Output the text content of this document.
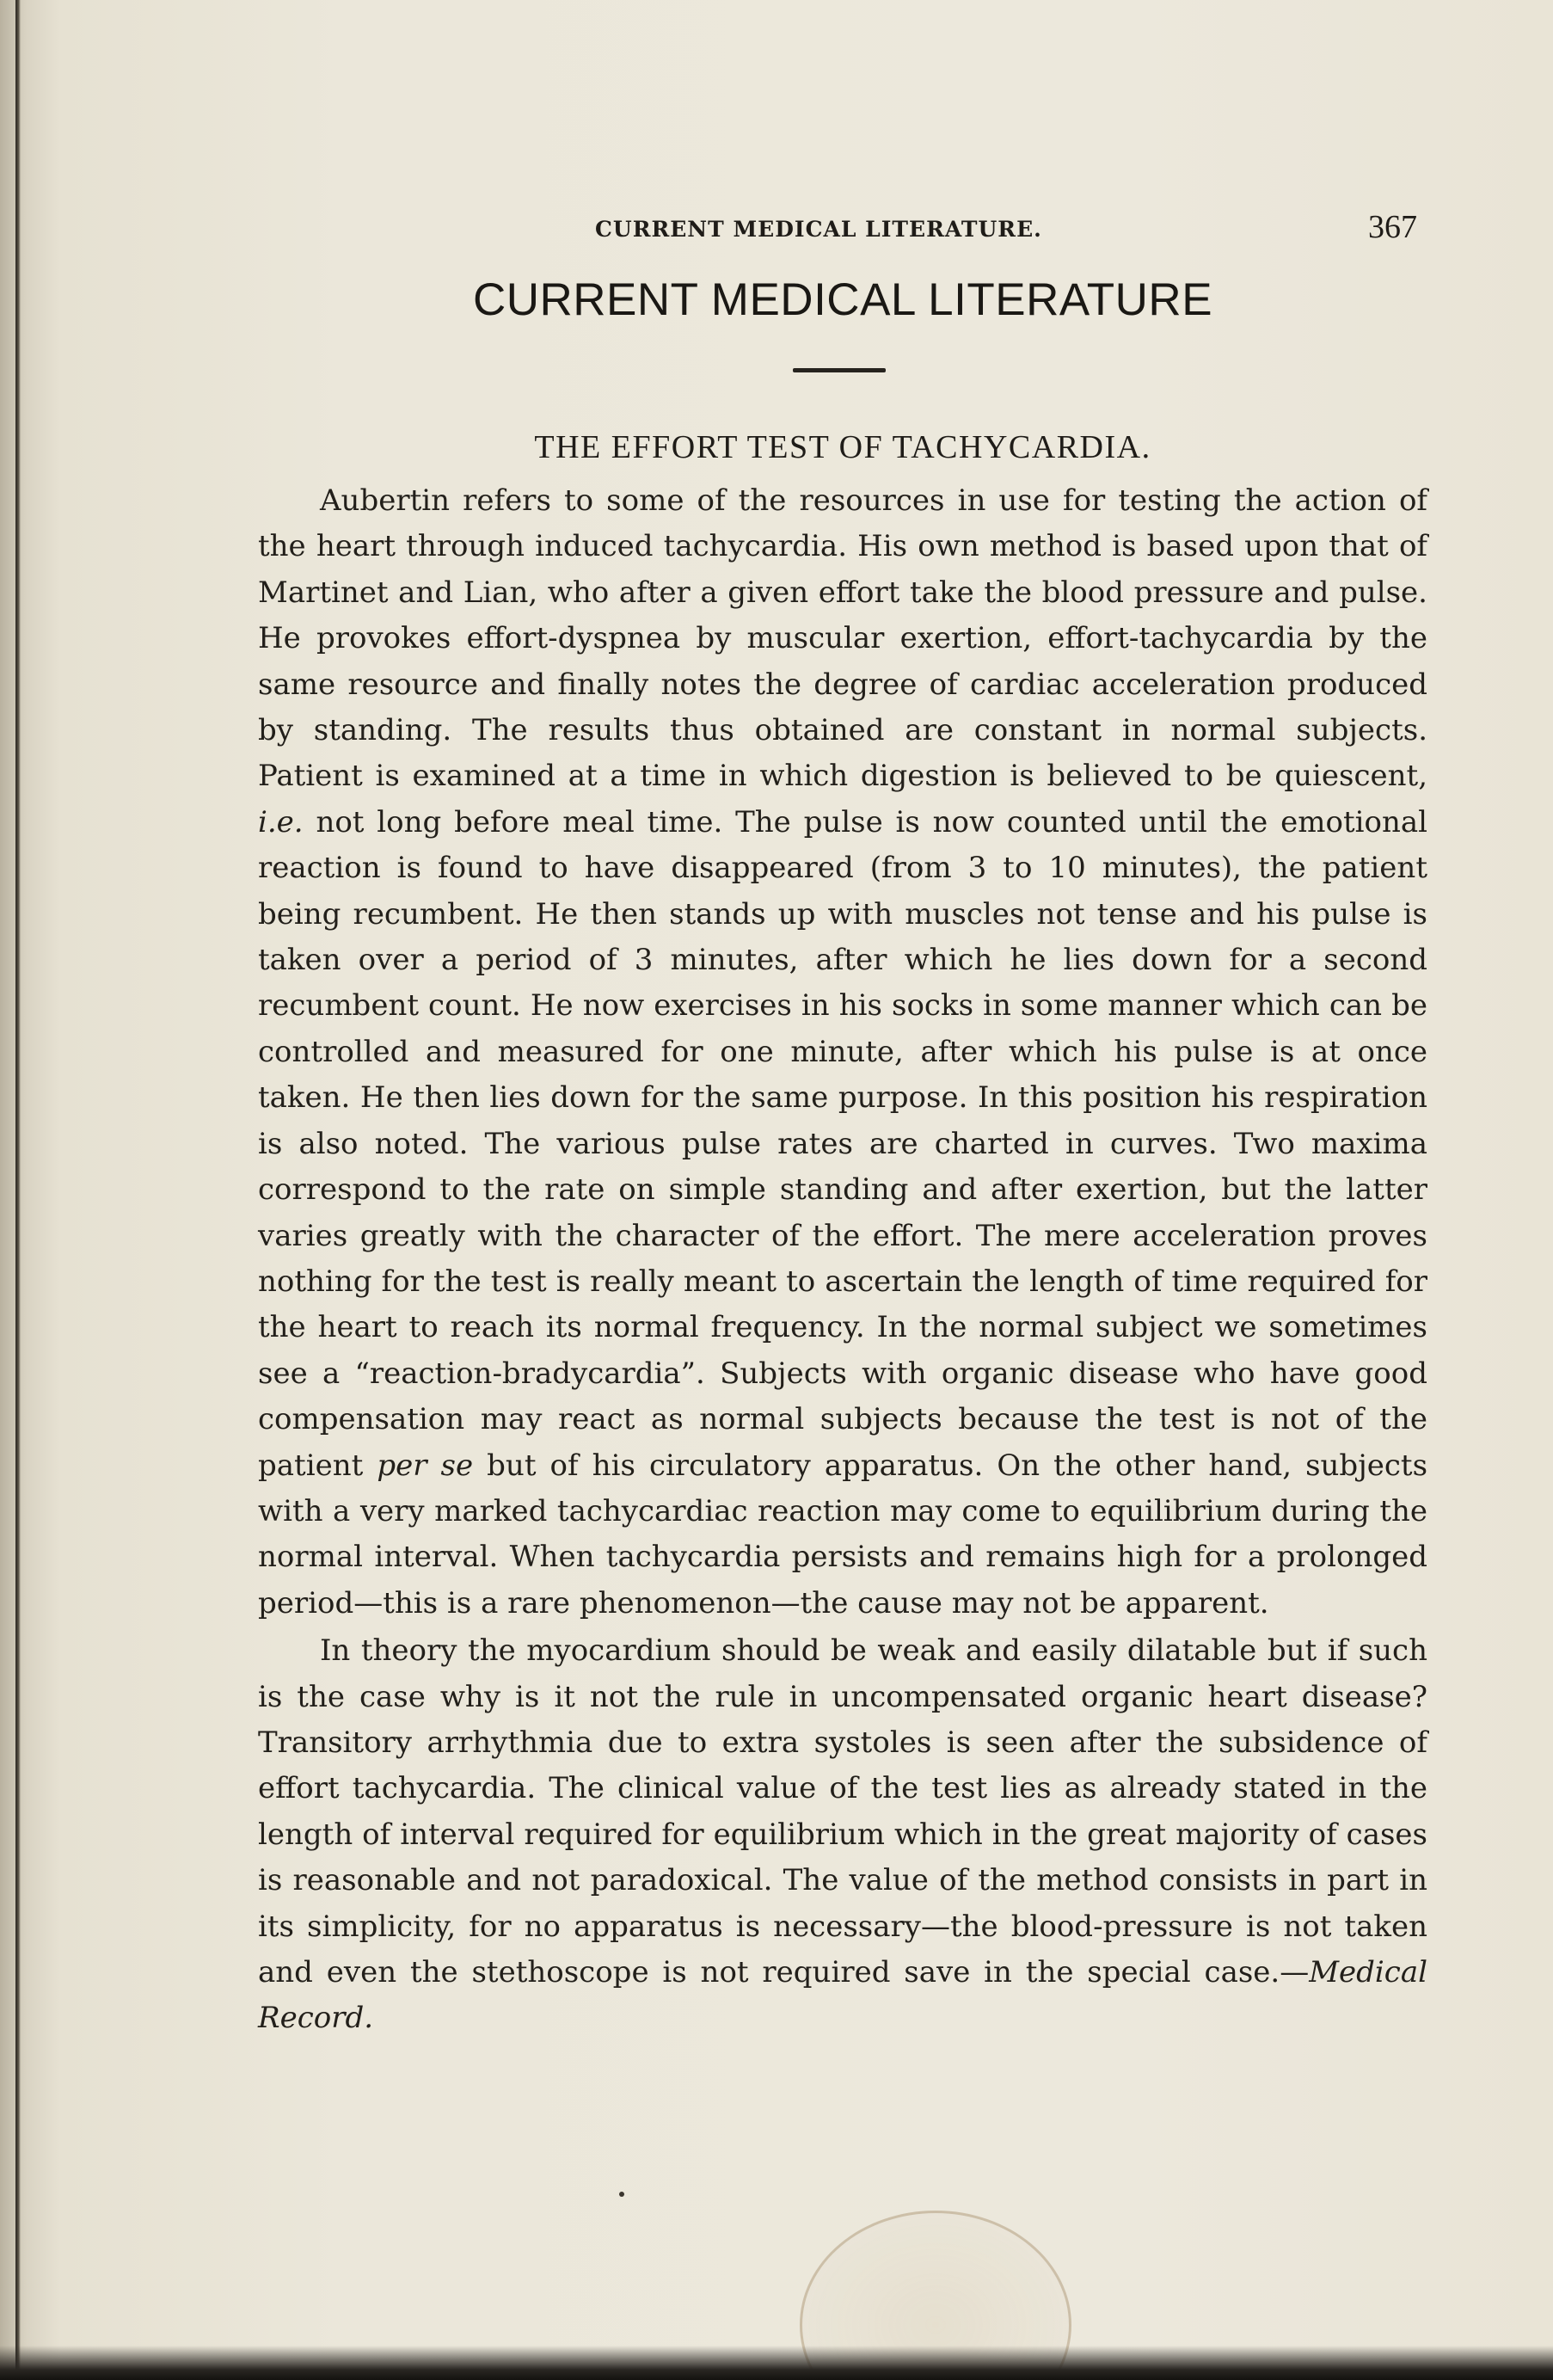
CURRENT MEDICAL LITERATURE.	367
CURRENT MEDICAL LITERATURE
THE EFFORT TEST OF TACHYCARDIA.

Aubertin refers to some of the resources in use for testing the action of the heart through induced tachycardia. His own method is based upon that of Martinet and Lian, who after a given effort take the blood pressure and pulse. He provokes effort-dyspnea by muscular exertion, effort-tachycardia by the same resource and finally notes the degree of cardiac acceleration produced by standing. The results thus obtained are constant in normal subjects. Patient is examined at a time in which digestion is believed to be quiescent, i.e. not long before meal time. The pulse is now counted until the emotional reaction is found to have disappeared (from 3 to 10 minutes), the patient being recumbent. He then stands up with muscles not tense and his pulse is taken over a period of 3 minutes, after which he lies down for a second recumbent count. He now exercises in his socks in some manner which can be controlled and measured for one minute, after which his pulse is at once taken. He then lies down for the same purpose. In this position his respiration is also noted. The various pulse rates are charted in curves. Two maxima correspond to the rate on simple standing and after exertion, but the latter varies greatly with the character of the effort. The mere acceleration proves nothing for the test is really meant to ascertain the length of time required for the heart to reach its normal frequency. In the normal subject we sometimes see a “reaction-bradycardia”. Subjects with organic disease who have good compensation may react as normal subjects because the test is not of the patient per se but of his circulatory apparatus. On the other hand, subjects with a very marked tachycardiac reaction may come to equilibrium during the normal interval. When tachycardia persists and remains high for a prolonged period—this is a rare phenomenon—the cause may not be apparent.

In theory the myocardium should be weak and easily dilatable but if such is the case why is it not the rule in uncompensated organic heart disease? Transitory arrhythmia due to extra systoles is seen after the subsidence of effort tachycardia. The clinical value of the test lies as already stated in the length of interval required for equilibrium which in the great majority of cases is reasonable and not paradoxical. The value of the method consists in part in its simplicity, for no apparatus is necessary—the blood-pressure is not taken and even the stethoscope is not required save in the special case.—Medical Record.
